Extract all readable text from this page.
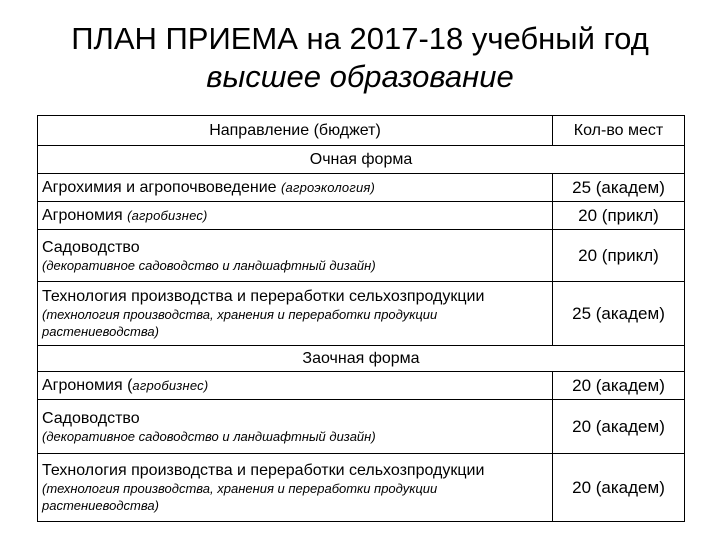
ПЛАН ПРИЕМА на 2017-18 учебный год
высшее образование
Направление (бюджет)	Кол-во мест
Очная форма	
Агрохимия и агропочвоведение (агроэкология)	25 (академ)
Агрономия (агробизнес)	20 (прикл)

Садоводство
(декоративное садоводство и ландшафтный дизайн)	20 (прикл)

Технология производства и переработки сельхозпродукции
(технология производства, хранения и переработки продукции растениеводства)	25 (академ)
Заочная форма	
Агрономия (агробизнес)	20 (академ)

Садоводство
(декоративное садоводство и ландшафтный дизайн)	20 (академ)

Технология производства и переработки сельхозпродукции
(технология производства, хранения и переработки продукции растениеводства)	20 (академ)
